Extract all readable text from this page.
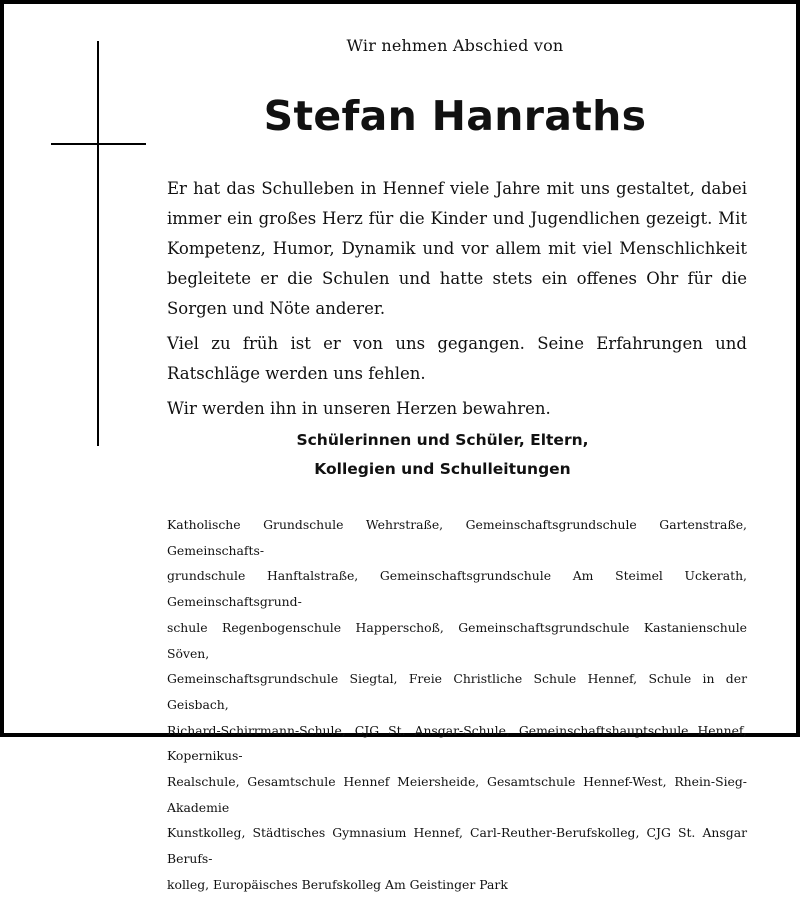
Wir nehmen Abschied von
Stefan Hanraths

Er hat das Schulleben in Hennef viele Jahre mit uns gestaltet, dabei immer ein großes Herz für die Kinder und Jugendlichen gezeigt. Mit Kompetenz, Humor, Dynamik und vor allem mit viel Menschlichkeit begleitete er die Schulen und hatte stets ein offenes Ohr für die Sorgen und Nöte anderer.

Viel zu früh ist er von uns gegangen. Seine Erfahrungen und Ratschläge werden uns fehlen.

Wir werden ihn in unseren Herzen bewahren.

Schülerinnen und Schüler, Eltern,
Kollegien und Schulleitungen
Katholische Grundschule Wehrstraße, Gemeinschaftsgrundschule Gartenstraße, Gemeinschafts-
grundschule Hanftalstraße, Gemeinschaftsgrundschule Am Steimel Uckerath, Gemeinschaftsgrund-
schule Regenbogenschule Happerschoß, Gemeinschaftsgrundschule Kastanienschule Söven,
Gemeinschaftsgrundschule Siegtal, Freie Christliche Schule Hennef, Schule in der Geisbach,
Richard-Schirrmann-Schule, CJG St. Ansgar-Schule, Gemeinschaftshauptschule Hennef, Kopernikus-
Realschule, Gesamtschule Hennef Meiersheide, Gesamtschule Hennef-West, Rhein-Sieg-Akademie
Kunstkolleg, Städtisches Gymnasium Hennef, Carl-Reuther-Berufskolleg, CJG St. Ansgar Berufs-
kolleg, Europäisches Berufskolleg Am Geistinger Park
